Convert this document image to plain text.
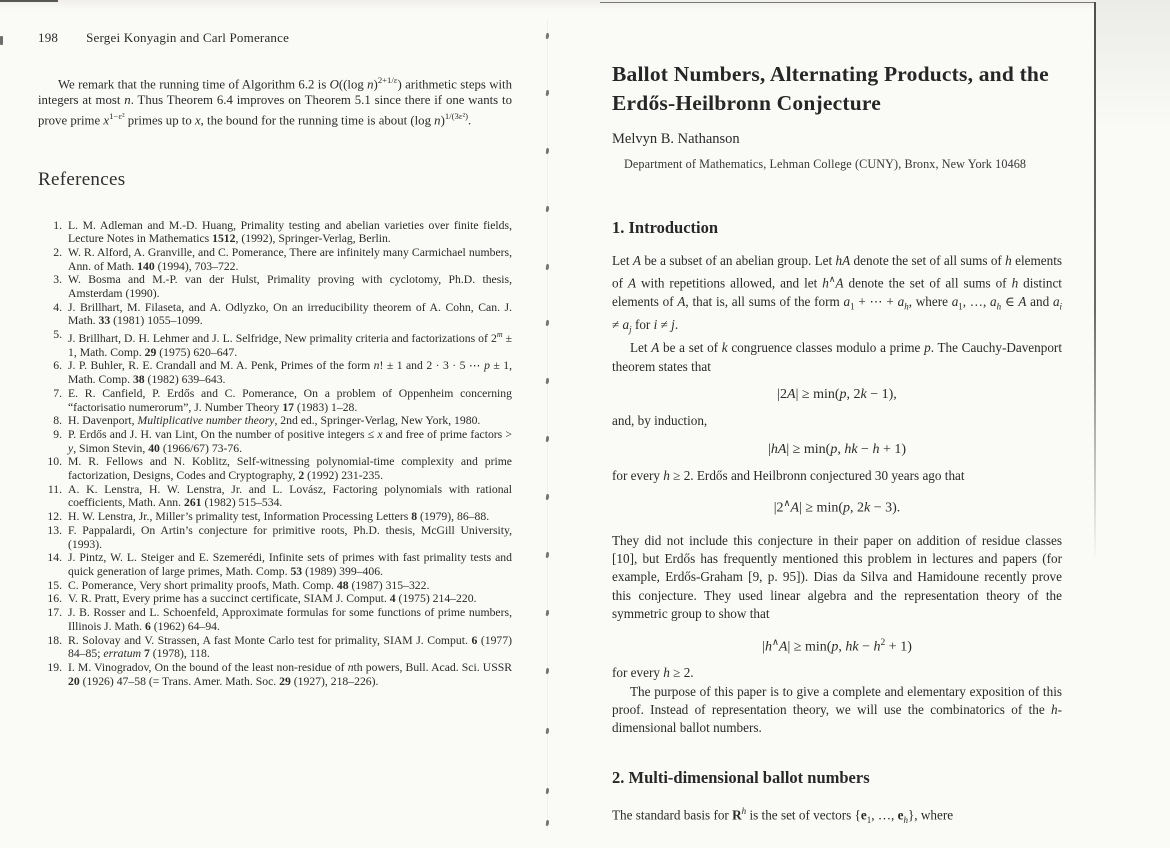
198 Sergei Konyagin and Carl Pomerance

We remark that the running time of Algorithm 6.2 is O((log n)$^{2+1/\varepsilon}$) arithmetic steps with integers at most n. Thus Theorem 6.4 improves on Theorem 5.1 since there if one wants to prove prime $x^{1-\varepsilon^2}$ primes up to x, the bound for the running time is about (log n)$^{1/(3\varepsilon^2)}$.

References
1. L. M. Adleman and M.-D. Huang, Primality testing and abelian varieties over finite fields, Lecture Notes in Mathematics 1512, (1992), Springer-Verlag, Berlin.
2. W. R. Alford, A. Granville, and C. Pomerance, There are infinitely many Carmichael numbers, Ann. of Math. 140 (1994), 703–722.
3. W. Bosma and M.-P. van der Hulst, Primality proving with cyclotomy, Ph.D. thesis, Amsterdam (1990).
4. J. Brillhart, M. Filaseta, and A. Odlyzko, On an irreducibility theorem of A. Cohn, Can. J. Math. 33 (1981) 1055–1099.
5. J. Brillhart, D. H. Lehmer and J. L. Selfridge, New primality criteria and factorizations of $2^m \pm 1$, Math. Comp. 29 (1975) 620–647.
6. J. P. Buhler, R. E. Crandall and M. A. Penk, Primes of the form n! ± 1 and 2 · 3 · 5 ⋯ p ± 1, Math. Comp. 38 (1982) 639–643.
7. E. R. Canfield, P. Erdős and C. Pomerance, On a problem of Oppenheim concerning “factorisatio numerorum”, J. Number Theory 17 (1983) 1–28.
8. H. Davenport, Multiplicative number theory, 2nd ed., Springer-Verlag, New York, 1980.
9. P. Erdős and J. H. van Lint, On the number of positive integers ≤ x and free of prime factors > y, Simon Stevin, 40 (1966/67) 73-76.
10. M. R. Fellows and N. Koblitz, Self-witnessing polynomial-time complexity and prime factorization, Designs, Codes and Cryptography, 2 (1992) 231-235.
11. A. K. Lenstra, H. W. Lenstra, Jr. and L. Lovász, Factoring polynomials with rational coefficients, Math. Ann. 261 (1982) 515–534.
12. H. W. Lenstra, Jr., Miller’s primality test, Information Processing Letters 8 (1979), 86–88.
13. F. Pappalardi, On Artin’s conjecture for primitive roots, Ph.D. thesis, McGill University, (1993).
14. J. Pintz, W. L. Steiger and E. Szemerédi, Infinite sets of primes with fast primality tests and quick generation of large primes, Math. Comp. 53 (1989) 399–406.
15. C. Pomerance, Very short primality proofs, Math. Comp. 48 (1987) 315–322.
16. V. R. Pratt, Every prime has a succinct certificate, SIAM J. Comput. 4 (1975) 214–220.
17. J. B. Rosser and L. Schoenfeld, Approximate formulas for some functions of prime numbers, Illinois J. Math. 6 (1962) 64–94.
18. R. Solovay and V. Strassen, A fast Monte Carlo test for primality, SIAM J. Comput. 6 (1977) 84–85; erratum 7 (1978), 118.
19. I. M. Vinogradov, On the bound of the least non-residue of nth powers, Bull. Acad. Sci. USSR 20 (1926) 47–58 (= Trans. Amer. Math. Soc. 29 (1927), 218–226).
Ballot Numbers, Alternating Products, and the Erdős-Heilbronn Conjecture
Melvyn B. Nathanson
Department of Mathematics, Lehman College (CUNY), Bronx, New York 10468
1. Introduction

Let A be a subset of an abelian group. Let hA denote the set of all sums of h elements of A with repetitions allowed, and let h∧A denote the set of all sums of h distinct elements of A, that is, all sums of the form $a_1$ + ⋯ + $a_h$, where $a_1$, …, $a_h$ ∈ A and $a_i \ne a_j$ for i ≠ j.

Let A be a set of k congruence classes modulo a prime p. The Cauchy-Davenport theorem states that

|2A| ≥ min(p, 2k − 1),

and, by induction,

|hA| ≥ min(p, hk − h + 1)

for every h ≥ 2. Erdős and Heilbronn conjectured 30 years ago that

|2∧A| ≥ min(p, 2k − 3).

They did not include this conjecture in their paper on addition of residue classes [10], but Erdős has frequently mentioned this problem in lectures and papers (for example, Erdős-Graham [9, p. 95]). Dias da Silva and Hamidoune recently prove this conjecture. They used linear algebra and the representation theory of the symmetric group to show that

|h∧A| ≥ min(p, hk − $h^2 + 1$)

for every h ≥ 2.

The purpose of this paper is to give a complete and elementary exposition of this proof. Instead of representation theory, we will use the combinatorics of the h-dimensional ballot numbers.

2. Multi-dimensional ballot numbers

The standard basis for $R^h$ is the set of vectors {$e_1$, …, $e_h$}, where
